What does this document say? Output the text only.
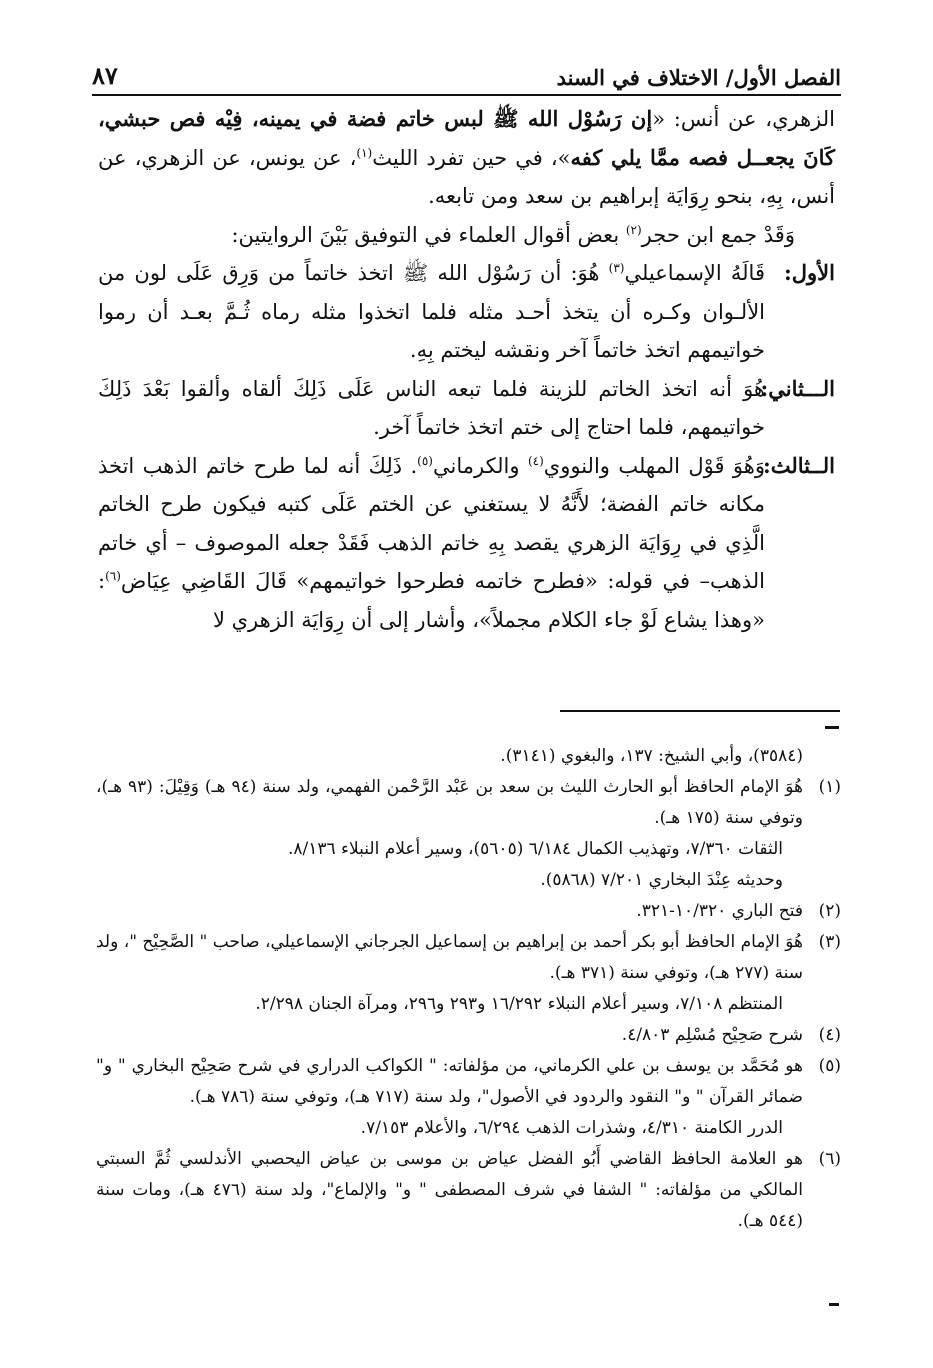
٨٧	الفصل الأول/ الاختلاف في السند

الزهري، عن أنس: «إن رَسُوْل الله ﷺ لبس خاتم فضة في يمينه، فِيْه فص حبشي، كَانَ يجعــل فصه ممَّا يلي كفه»، في حين تفرد الليث$^{(١)}$، عن يونس، عن الزهري، عن أنس، بِهِ، بنحو رِوَايَة إبراهيم بن سعد ومن تابعه.

وَقَدْ جمع ابن حجر$^{(٢)}$ بعض أقوال العلماء في التوفيق بَيْنَ الروايتين:

الأول:
قَالَهُ الإسماعيلي$^{(٣)}$ هُوَ: أن رَسُوْل الله ﷺ اتخذ خاتماً من وَرِق عَلَى لون من الألـوان وكـره أن يتخذ أحـد مثله فلما اتخذوا مثله رماه ثُـمَّ بعـد أن رموا خواتيمهم اتخذ خاتماً آخر ونقشه ليختم بِهِ.

الـــثاني:
هُوَ أنه اتخذ الخاتم للزينة فلما تبعه الناس عَلَى ذَلِكَ ألقاه وألقوا بَعْدَ ذَلِكَ خواتيمهم، فلما احتاج إلى ختم اتخذ خاتماً آخر.

الــثالث:
وَهُوَ قَوْل المهلب والنووي$^{(٤)}$ والكرماني$^{(٥)}$. ذَلِكَ أنه لما طرح خاتم الذهب اتخذ مكانه خاتم الفضة؛ لأَنَّهُ لا يستغني عن الختم عَلَى كتبه فيكون طرح الخاتم الَّذِي في رِوَايَة الزهري يقصد بِهِ خاتم الذهب فَقَدْ جعله الموصوف – أي خاتم الذهب– في قوله: «فطرح خاتمه فطرحوا خواتيمهم» قَالَ القَاضِي عِيَاض$^{(٦)}$: «وهذا يشاع لَوْ جاء الكلام مجملاً»، وأشار إلى أن رِوَايَة الزهري لا

(٣٥٨٤)، وأبي الشيخ: ١٣٧، والبغوي (٣١٤١).

(١)
هُوَ الإمام الحافظ أبو الحارث الليث بن سعد بن عَبْد الرَّحْمن الفهمي، ولد سنة (٩٤ هـ) وَقِيْلَ: (٩٣ هـ)، وتوفي سنة (١٧٥ هـ).

الثقات ٧/٣٦٠، وتهذيب الكمال ٦/١٨٤ (٥٦٠٥)، وسير أعلام النبلاء ٨/١٣٦.

وحديثه عِنْدَ البخاري ٧/٢٠١ (٥٨٦٨).

(٢)
فتح الباري ١٠/٣٢٠-٣٢١.

(٣)
هُوَ الإمام الحافظ أبو بكر أحمد بن إبراهيم بن إسماعيل الجرجاني الإسماعيلي، صاحب " الصَّحِيْح "، ولد سنة (٢٧٧ هـ)، وتوفي سنة (٣٧١ هـ).

المنتظم ٧/١٠٨، وسير أعلام النبلاء ١٦/٢٩٢ و٢٩٣ و٢٩٦، ومرآة الجنان ٢/٢٩٨.

(٤)
شرح صَحِيْح مُسْلِم ٤/٨٠٣.

(٥)
هو مُحَمَّد بن يوسف بن علي الكرماني، من مؤلفاته: " الكواكب الدراري في شرح صَحِيْح البخاري " و" ضمائر القرآن " و" النقود والردود في الأصول"، ولد سنة (٧١٧ هـ)، وتوفي سنة (٧٨٦ هـ).

الدرر الكامنة ٤/٣١٠، وشذرات الذهب ٦/٢٩٤، والأعلام ٧/١٥٣.

(٦)
هو العلامة الحافظ القاضي أَبُو الفضل عياض بن موسى بن عياض اليحصبي الأندلسي ثُمَّ السبتي المالكي من مؤلفاته: " الشفا في شرف المصطفى " و" والإلماع"، ولد سنة (٤٧٦ هـ)، ومات سنة (٥٤٤ هـ).
